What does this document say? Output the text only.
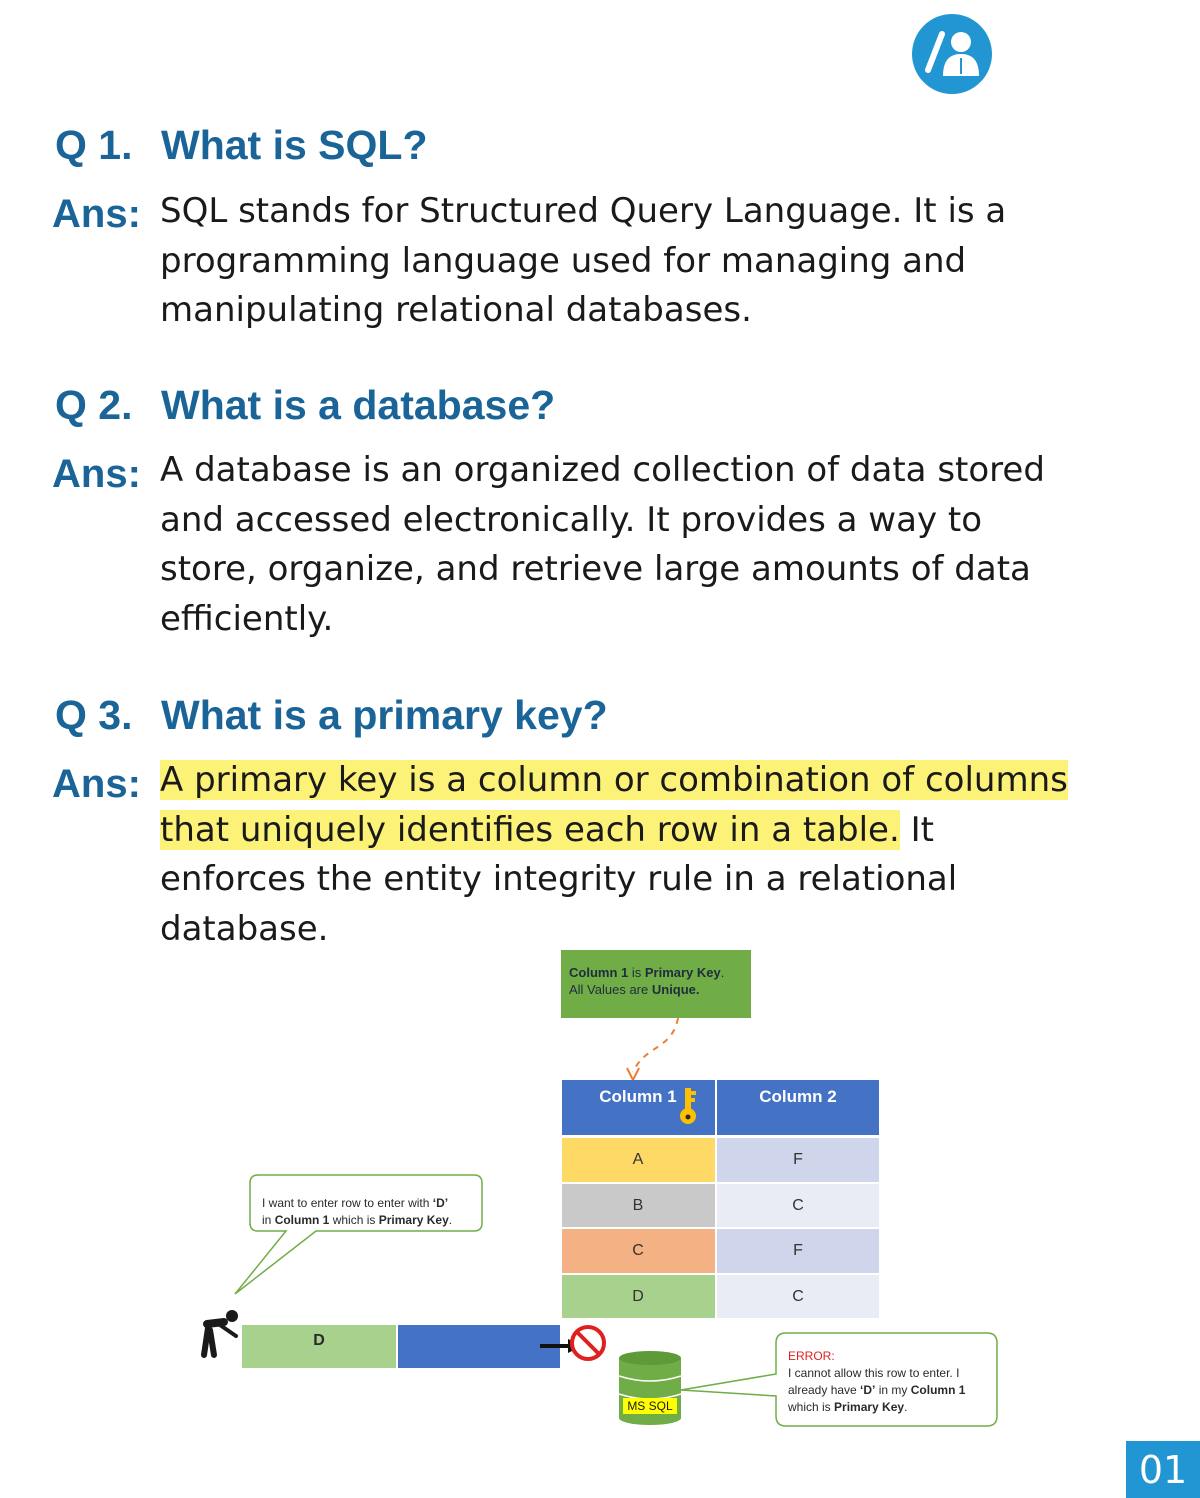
Q 1. What is SQL?
Ans: SQL stands for Structured Query Language. It is a
programming language used for managing and
manipulating relational databases.
Q 2. What is a database?
Ans: A database is an organized collection of data stored
and accessed electronically. It provides a way to
store, organize, and retrieve large amounts of data
efficiently.
Q 3. What is a primary key?
Ans: A primary key is a column or combination of columns
that uniquely identifies each row in a table. It
enforces the entity integrity rule in a relational
database.
Column 1 is Primary Key.
All Values are Unique.
Column 1	Column 2
A	F
B	C
C	F
D	C
I want to enter row to enter with ‘D’
in Column 1 which is Primary Key.
D
MS SQL
ERROR:
I cannot allow this row to enter. I
already have ‘D’ in my Column 1
which is Primary Key.
01
